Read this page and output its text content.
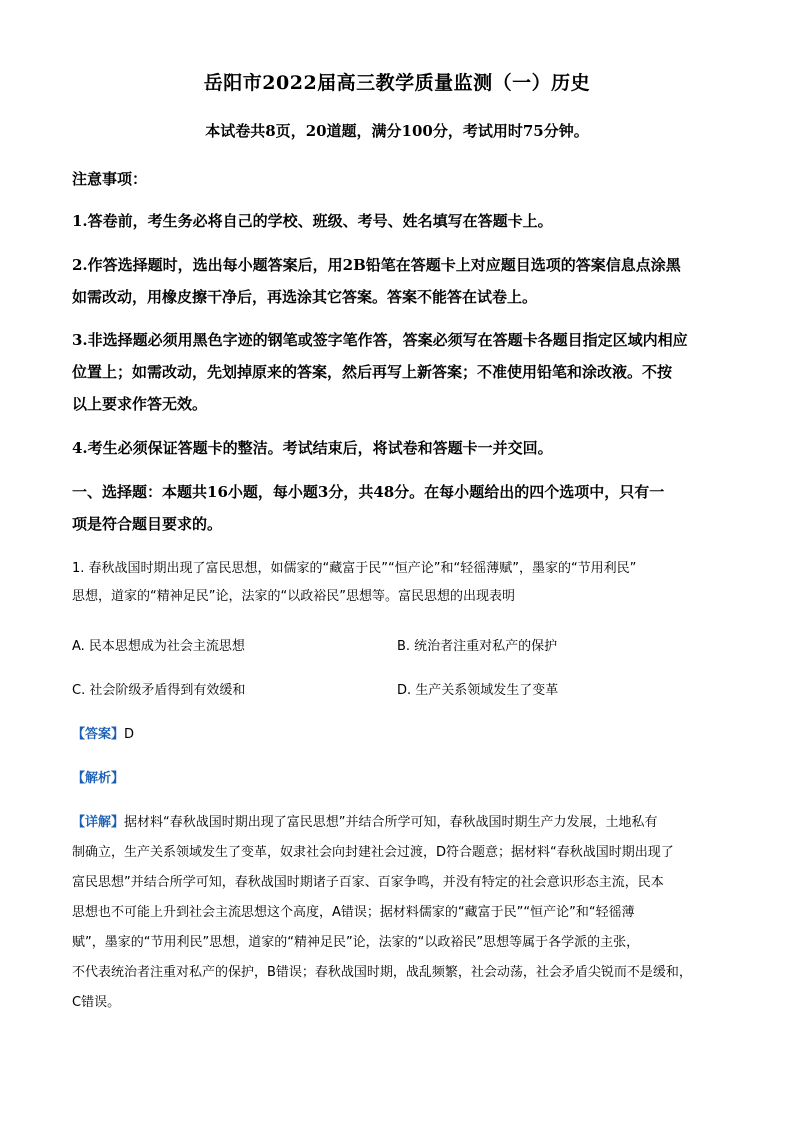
岳阳市2022届高三教学质量监测（一）历史
本试卷共8页，20道题，满分100分，考试用时75分钟。
注意事项：
1.答卷前，考生务必将自己的学校、班级、考号、姓名填写在答题卡上。
2.作答选择题时，选出每小题答案后，用2B铅笔在答题卡上对应题目选项的答案信息点涂黑
如需改动，用橡皮擦干净后，再选涂其它答案。答案不能答在试卷上。
3.非选择题必须用黑色字迹的钢笔或签字笔作答，答案必须写在答题卡各题目指定区域内相应
位置上；如需改动，先划掉原来的答案，然后再写上新答案；不准使用铅笔和涂改液。不按
以上要求作答无效。
4.考生必须保证答题卡的整洁。考试结束后，将试卷和答题卡一并交回。
一、选择题：本题共16小题，每小题3分，共48分。在每小题给出的四个选项中，只有一
项是符合题目要求的。
1. 春秋战国时期出现了富民思想，如儒家的“藏富于民”“恒产论”和“轻徭薄赋”，墨家的“节用利民”
思想，道家的“精神足民”论，法家的“以政裕民”思想等。富民思想的出现表明
A. 民本思想成为社会主流思想	B. 统治者注重对私产的保护
C. 社会阶级矛盾得到有效缓和	D. 生产关系领域发生了变革
【答案】D
【解析】
【详解】据材料“春秋战国时期出现了富民思想”并结合所学可知，春秋战国时期生产力发展，土地私有
制确立，生产关系领域发生了变革，奴隶社会向封建社会过渡，D符合题意；据材料“春秋战国时期出现了
富民思想”并结合所学可知，春秋战国时期诸子百家、百家争鸣，并没有特定的社会意识形态主流，民本
思想也不可能上升到社会主流思想这个高度，A错误；据材料儒家的“藏富于民”“恒产论”和“轻徭薄
赋”，墨家的“节用利民”思想，道家的“精神足民”论，法家的“以政裕民”思想等属于各学派的主张，
不代表统治者注重对私产的保护，B错误；春秋战国时期，战乱频繁，社会动荡，社会矛盾尖锐而不是缓和，
C错误。
